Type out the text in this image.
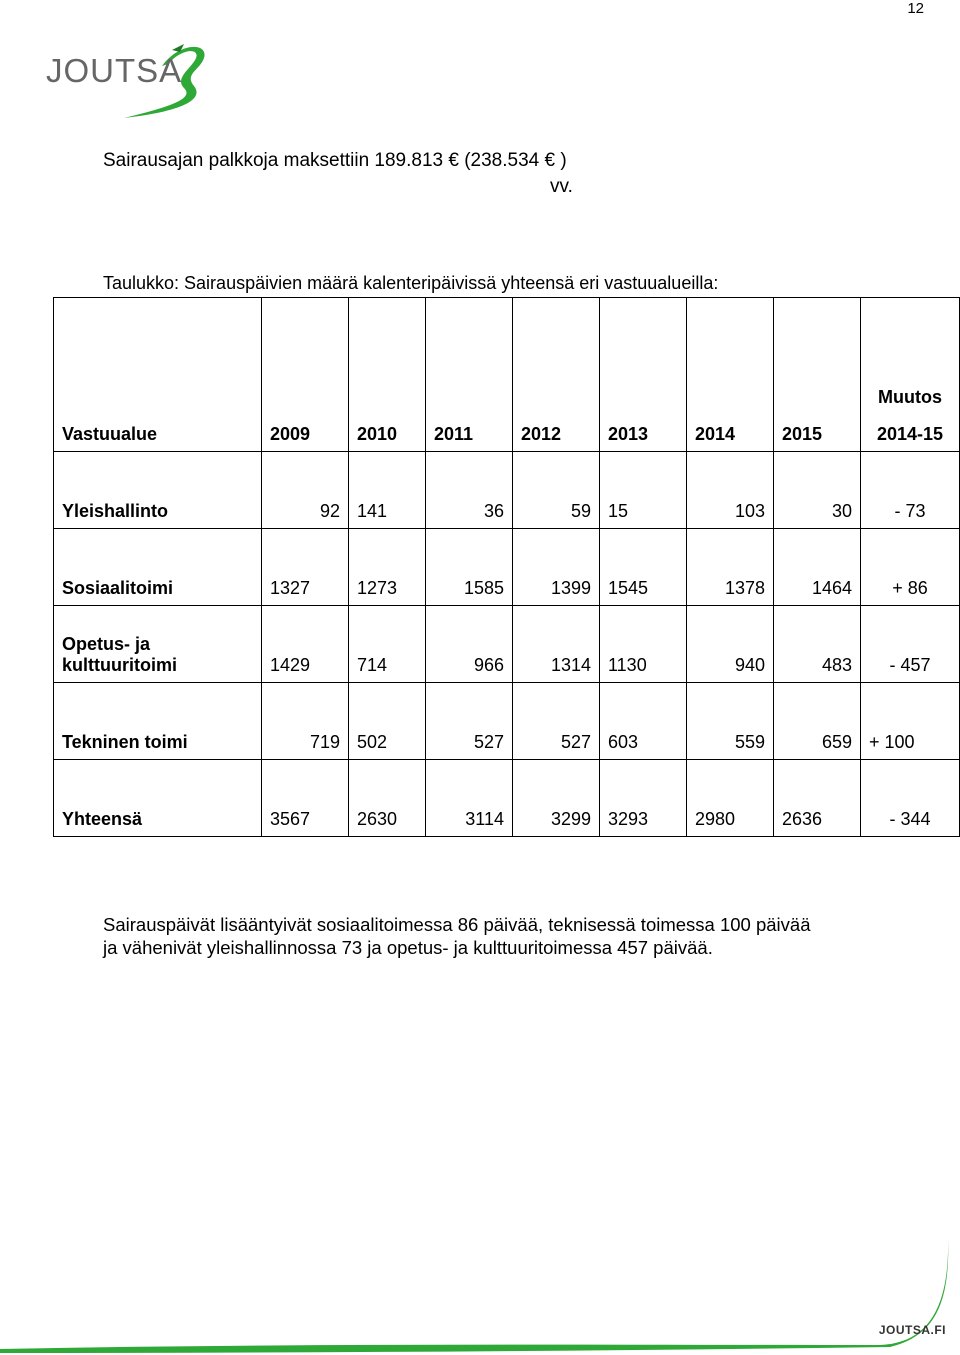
12
JOUTSA
Sairausajan palkkoja maksettiin 189.813 € (238.534 € )
vv.
Taulukko: Sairauspäivien määrä kalenteripäivissä yhteensä eri vastuualueilla:
Vastuualue	2009	2010	2011	2012	2013	2014	2015	Muutos
2014-15

Yleishallinto	92	141	36	59	15	103	30	- 73
Sosiaalitoimi	1327	1273	1585	1399	1545	1378	1464	+ 86

Opetus- ja
kulttuuritoimi	1429	714	966	1314	1130	940	483	- 457
Tekninen toimi	719	502	527	527	603	559	659	+ 100
Yhteensä	3567	2630	3114	3299	3293	2980	2636	- 344
Sairauspäivät lisääntyivät sosiaalitoimessa 86 päivää, teknisessä toimessa 100 päivää
ja vähenivät yleishallinnossa 73 ja opetus- ja kulttuuritoimessa 457 päivää.
JOUTSA.FI
